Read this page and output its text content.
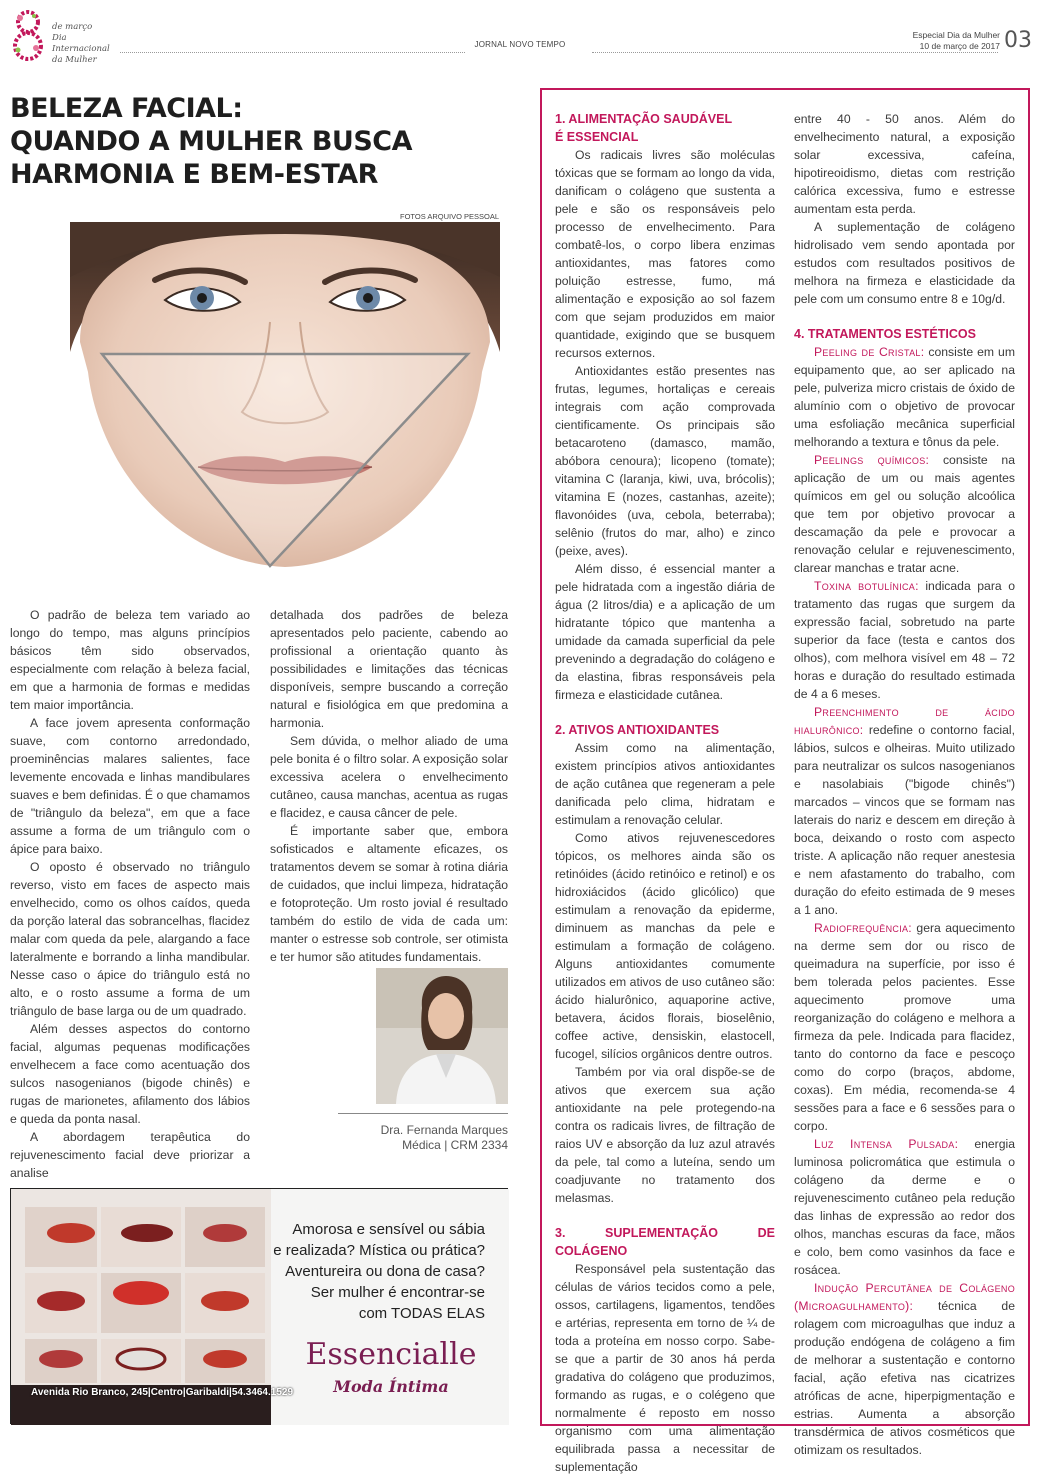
de março
Dia Internacional
da Mulher
JORNAL NOVO TEMPO
Especial Dia da Mulher
10 de março de 2017 03
BELEZA FACIAL:
QUANDO A MULHER BUSCA
HARMONIA E BEM-ESTAR
FOTOS ARQUIVO PESSOAL

O padrão de beleza tem variado ao longo do tempo, mas alguns princípios básicos têm sido observados, especialmente com relação à beleza facial, em que a harmonia de formas e medidas tem maior importância.

A face jovem apresenta conformação suave, com contorno arredondado, proeminências malares salientes, face levemente encovada e linhas mandibulares suaves e bem definidas. É o que chamamos de "triângulo da beleza", em que a face assume a forma de um triângulo com o ápice para baixo.

O oposto é observado no triângulo reverso, visto em faces de aspecto mais envelhecido, como os olhos caídos, queda da porção lateral das sobrancelhas, flacidez malar com queda da pele, alargando a face lateralmente e borrando a linha mandibular. Nesse caso o ápice do triângulo está no alto, e o rosto assume a forma de um triângulo de base larga ou de um quadrado.

Além desses aspectos do contorno facial, algumas pequenas modificações envelhecem a face como acentuação dos sulcos nasogenianos (bigode chinês) e rugas de marionetes, afilamento dos lábios e queda da ponta nasal.

A abordagem terapêutica do rejuvenescimento facial deve priorizar a analise

detalhada dos padrões de beleza apresentados pelo paciente, cabendo ao profissional a orientação quanto às possibilidades e limitações das técnicas disponíveis, sempre buscando a correção natural e fisiológica em que predomina a harmonia.

Sem dúvida, o melhor aliado de uma pele bonita é o filtro solar. A exposição solar excessiva acelera o envelhecimento cutâneo, causa manchas, acentua as rugas e flacidez, e causa câncer de pele.

É importante saber que, embora sofisticados e altamente eficazes, os tratamentos devem se somar à rotina diária de cuidados, que inclui limpeza, hidratação e fotoproteção. Um rosto jovial é resultado também do estilo de vida de cada um: manter o estresse sob controle, ser otimista e ter humor são atitudes fundamentais.

Dra. Fernanda Marques
Médica | CRM 2334
Amorosa e sensível ou sábia
e realizada? Mística ou prática?
Aventureira ou dona de casa?
Ser mulher é encontrar-se
com TODAS ELAS
Essencialle
Moda Íntima
Avenida Rio Branco, 245|Centro|Garibaldi|54.3464.1529
1. ALIMENTAÇÃO SAUDÁVEL
É ESSENCIAL

Os radicais livres são moléculas tóxicas que se formam ao longo da vida, danificam o colágeno que sustenta a pele e são os responsáveis pelo processo de envelhecimento. Para combatê-los, o corpo libera enzimas antioxidantes, mas fatores como poluição estresse, fumo, má alimentação e exposição ao sol fazem com que sejam produzidos em maior quantidade, exigindo que se busquem recursos externos.

Antioxidantes estão presentes nas frutas, legumes, hortaliças e cereais integrais com ação comprovada cientificamente. Os principais são betacaroteno (damasco, mamão, abóbora cenoura); licopeno (tomate); vitamina C (laranja, kiwi, uva, brócolis); vitamina E (nozes, castanhas, azeite); flavonóides (uva, cebola, beterraba); selênio (frutos do mar, alho) e zinco (peixe, aves).

Além disso, é essencial manter a pele hidratada com a ingestão diária de água (2 litros/dia) e a aplicação de um hidratante tópico que mantenha a umidade da camada superficial da pele prevenindo a degradação do colágeno e da elastina, fibras responsáveis pela firmeza e elasticidade cutânea.

2. ATIVOS ANTIOXIDANTES

Assim como na alimentação, existem princípios ativos antioxidantes de ação cutânea que regeneram a pele danificada pelo clima, hidratam e estimulam a renovação celular.

Como ativos rejuvenescedores tópicos, os melhores ainda são os retinóides (ácido retinóico e retinol) e os hidroxiácidos (ácido glicólico) que estimulam a renovação da epiderme, diminuem as manchas da pele e estimulam a formação de colágeno. Alguns antioxidantes comumente utilizados em ativos de uso cutâneo são: ácido hialurônico, aquaporine active, betavera, ácidos florais, bioselênio, coffee active, densiskin, elastocell, fucogel, silícios orgânicos dentre outros.

Também por via oral dispõe-se de ativos que exercem sua ação antioxidante na pele protegendo-na contra os radicais livres, de filtração de raios UV e absorção da luz azul através da pele, tal como a luteína, sendo um coadjuvante no tratamento dos melasmas.

3. SUPLEMENTAÇÃO DE COLÁGENO

Responsável pela sustentação das células de vários tecidos como a pele, ossos, cartilagens, ligamentos, tendões e artérias, representa em torno de ¼ de toda a proteína em nosso corpo. Sabe-se que a partir de 30 anos há perda gradativa do colágeno que produzimos, formando as rugas, e o colégeno que normalmente é reposto em nosso organismo com uma alimentação equilibrada passa a necessitar de suplementação

entre 40 - 50 anos. Além do envelhecimento natural, a exposição solar excessiva, cafeína, hipotireoidismo, dietas com restrição calórica excessiva, fumo e estresse aumentam esta perda.

A suplementação de colágeno hidrolisado vem sendo apontada por estudos com resultados positivos de melhora na firmeza e elasticidade da pele com um consumo entre 8 e 10g/d.

4. TRATAMENTOS ESTÉTICOS

Peeling de Cristal: consiste em um equipamento que, ao ser aplicado na pele, pulveriza micro cristais de óxido de alumínio com o objetivo de provocar uma esfoliação mecânica superficial melhorando a textura e tônus da pele.

Peelings químicos: consiste na aplicação de um ou mais agentes químicos em gel ou solução alcoólica que tem por objetivo provocar a descamação da pele e provocar a renovação celular e rejuvenescimento, clarear manchas e tratar acne.

Toxina botulínica: indicada para o tratamento das rugas que surgem da expressão facial, sobretudo na parte superior da face (testa e cantos dos olhos), com melhora visível em 48 – 72 horas e duração do resultado estimada de 4 a 6 meses.

Preenchimento de ácido hialurônico: redefine o contorno facial, lábios, sulcos e olheiras. Muito utilizado para neutralizar os sulcos nasogenianos e nasolabiais ("bigode chinês") marcados – vincos que se formam nas laterais do nariz e descem em direção à boca, deixando o rosto com aspecto triste. A aplicação não requer anestesia e nem afastamento do trabalho, com duração do efeito estimada de 9 meses a 1 ano.

Radiofrequência: gera aquecimento na derme sem dor ou risco de queimadura na superfície, por isso é bem tolerada pelos pacientes. Esse aquecimento promove uma reorganização do colágeno e melhora a firmeza da pele. Indicada para flacidez, tanto do contorno da face e pescoço como do corpo (braços, abdome, coxas). Em média, recomenda-se 4 sessões para a face e 6 sessões para o corpo.

Luz Intensa Pulsada: energia luminosa policromática que estimula o colágeno da derme e o rejuvenescimento cutâneo pela redução das linhas de expressão ao redor dos olhos, manchas escuras da face, mãos e colo, bem como vasinhos da face e rosácea.

Indução Percutânea de Colágeno (Microagulhamento): técnica de rolagem com microagulhas que induz a produção endógena de colágeno a fim de melhorar a sustentação e contorno facial, ação efetiva nas cicatrizes atróficas de acne, hiperpigmentação e estrias. Aumenta a absorção transdérmica de ativos cosméticos que otimizam os resultados.
